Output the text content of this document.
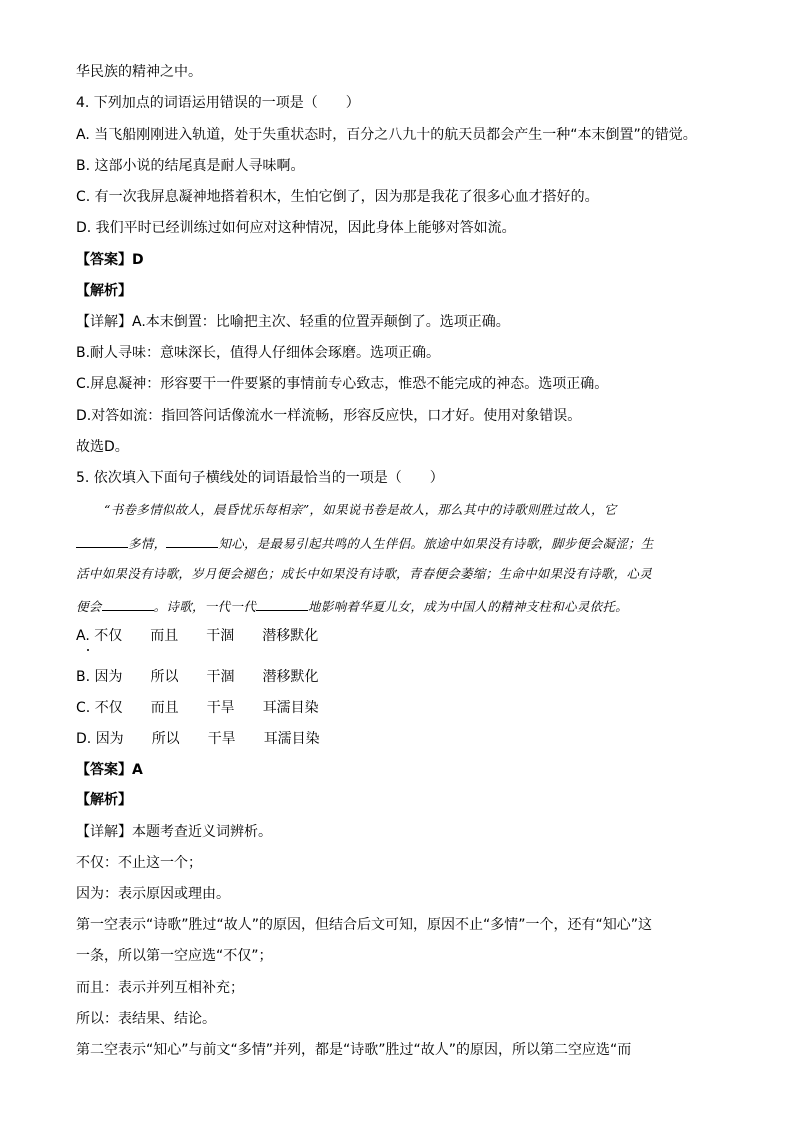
华民族的精神之中。
4. 下列加点的词语运用错误的一项是（　　）
A. 当飞船刚刚进入轨道，处于失重状态时，百分之八九十的航天员都会产生一种“本末倒置”的错觉。
B. 这部小说的结尾真是耐人寻味啊。
C. 有一次我屏息凝神地搭着积木，生怕它倒了，因为那是我花了很多心血才搭好的。
D. 我们平时已经训练过如何应对这种情况，因此身体上能够对答如流。
【答案】D
【解析】
【详解】A.本末倒置：比喻把主次、轻重的位置弄颠倒了。选项正确。
B.耐人寻味：意味深长，值得人仔细体会琢磨。选项正确。
C.屏息凝神：形容要干一件要紧的事情前专心致志，惟恐不能完成的神态。选项正确。
D.对答如流：指回答问话像流水一样流畅，形容反应快，口才好。使用对象错误。
故选D。
5. 依次填入下面句子横线处的词语最恰当的一项是（　　）
“书卷多情似故人，晨昏忧乐每相亲”，如果说书卷是故人，那么其中的诗歌则胜过故人，它
多情，	知心，是最易引起共鸣的人生伴侣。旅途中如果没有诗歌，脚步便会凝涩；生
活中如果没有诗歌，岁月便会褪色；成长中如果没有诗歌，青春便会萎缩；生命中如果没有诗歌，心灵
便会	。诗歌，一代一代	地影响着华夏儿女，成为中国人的精神支柱和心灵依托。
A. 不仅 而且 干涸 潜移默化
B. 因为 所以 干涸 潜移默化
C. 不仅 而且 干旱 耳濡目染
D. 因为 所以 干旱 耳濡目染
【答案】A
【解析】
【详解】本题考查近义词辨析。
不仅：不止这一个；
因为：表示原因或理由。
第一空表示“诗歌”胜过“故人”的原因，但结合后文可知，原因不止“多情”一个，还有“知心”这
一条，所以第一空应选“不仅”；
而且：表示并列互相补充；
所以：表结果、结论。
第二空表示“知心”与前文“多情”并列，都是“诗歌”胜过“故人”的原因，所以第二空应选“而
